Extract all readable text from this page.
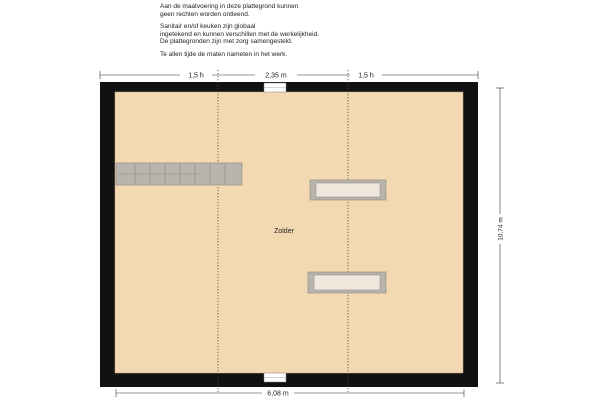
Aan de maatvoering in deze plattegrond kunnen
geen rechten worden ontleend.
Sanitair en/of keuken zijn globaal
ingetekend en kunnen verschillen met de werkelijkheid.
De plattegronden zijn met zorg samengesteld.
Te allen tijde de maten nameten in het werk.
1,5 h	2,35 m	1,5 h
Zolder	10,74 m
6,08 m
